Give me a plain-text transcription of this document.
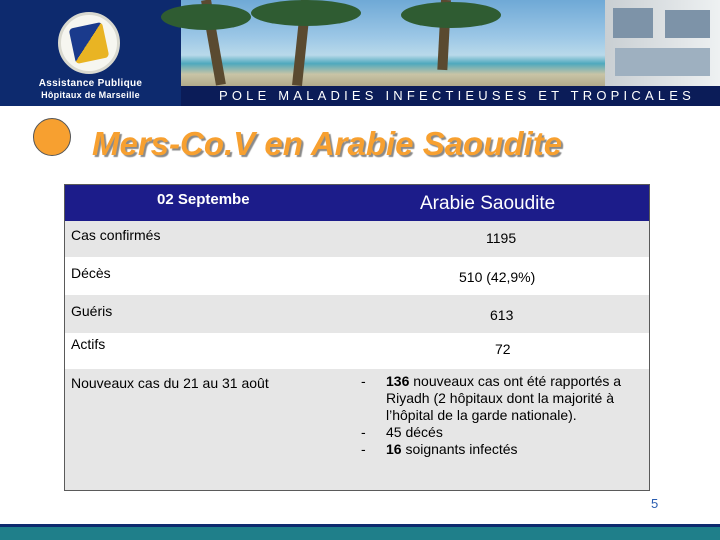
Assistance Publique
Hôpitaux de Marseille	POLE MALADIES INFECTIEUSES ET TROPICALES
Mers-Co.V en Arabie Saoudite
02 Septembe	Arabie Saoudite
Cas confirmés	1195
Décès	510 (42,9%)
Guéris	613
Actifs	72
Nouveaux cas du 21 au 31 août	- 136 nouveaux cas ont été rapportés a Riyadh (2 hôpitaux dont la majorité à l’hôpital de la garde nationale).
- 45 décés
- 16 soignants infectés
5
